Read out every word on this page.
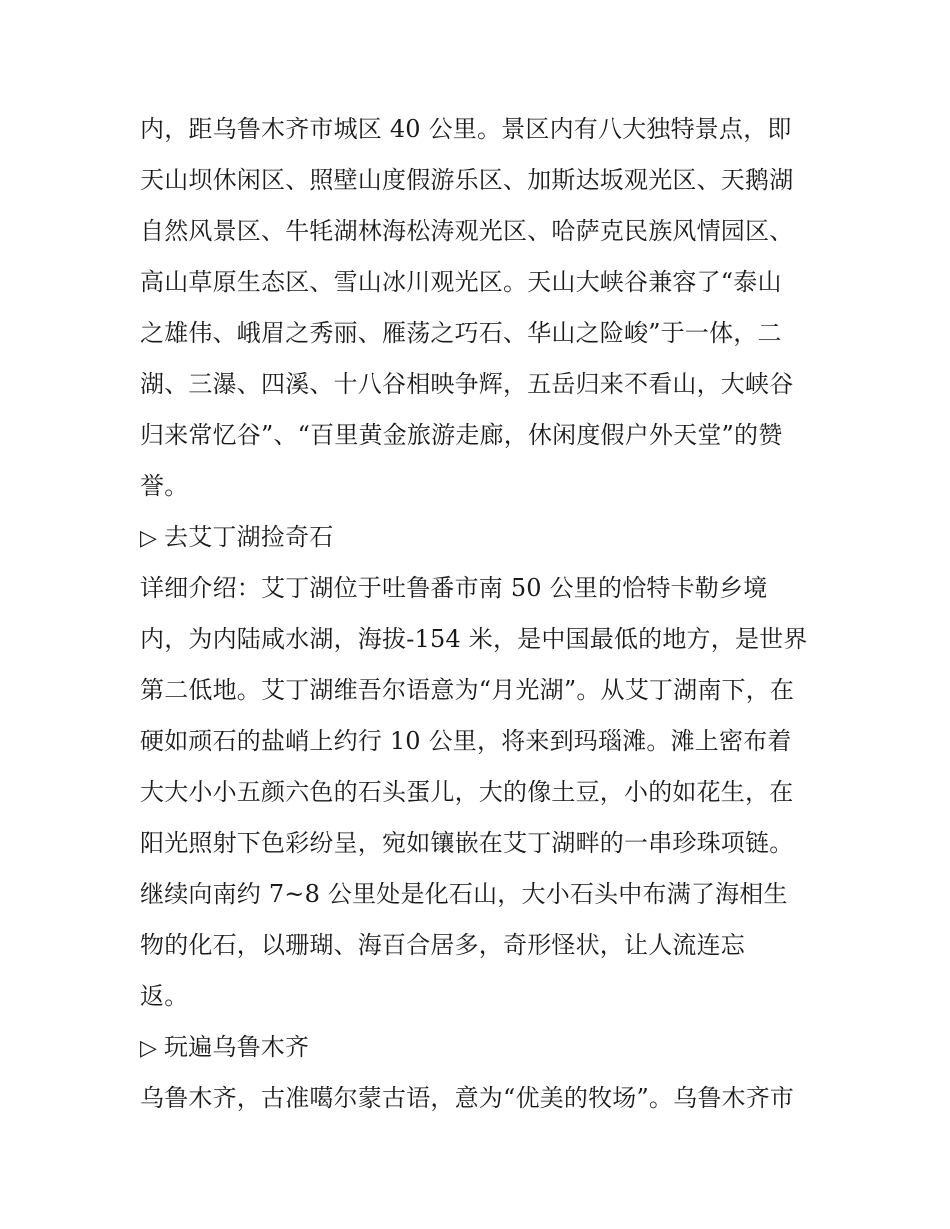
内，距乌鲁木齐市城区 40 公里。景区内有八大独特景点，即
天山坝休闲区、照壁山度假游乐区、加斯达坂观光区、天鹅湖
自然风景区、牛牦湖林海松涛观光区、哈萨克民族风情园区、
高山草原生态区、雪山冰川观光区。天山大峡谷兼容了“泰山
之雄伟、峨眉之秀丽、雁荡之巧石、华山之险峻”于一体，二
湖、三瀑、四溪、十八谷相映争辉，五岳归来不看山，大峡谷
归来常忆谷”、“百里黄金旅游走廊，休闲度假户外天堂”的赞
誉。
▷ 去艾丁湖捡奇石
详细介绍：艾丁湖位于吐鲁番市南 50 公里的恰特卡勒乡境
内，为内陆咸水湖，海拔-154 米，是中国最低的地方，是世界
第二低地。艾丁湖维吾尔语意为“月光湖”。从艾丁湖南下，在
硬如顽石的盐峭上约行 10 公里，将来到玛瑙滩。滩上密布着
大大小小五颜六色的石头蛋儿，大的像土豆，小的如花生，在
阳光照射下色彩纷呈，宛如镶嵌在艾丁湖畔的一串珍珠项链。
继续向南约 7~8 公里处是化石山，大小石头中布满了海相生
物的化石，以珊瑚、海百合居多，奇形怪状，让人流连忘
返。
▷ 玩遍乌鲁木齐
乌鲁木齐，古准噶尔蒙古语，意为“优美的牧场”。乌鲁木齐市
